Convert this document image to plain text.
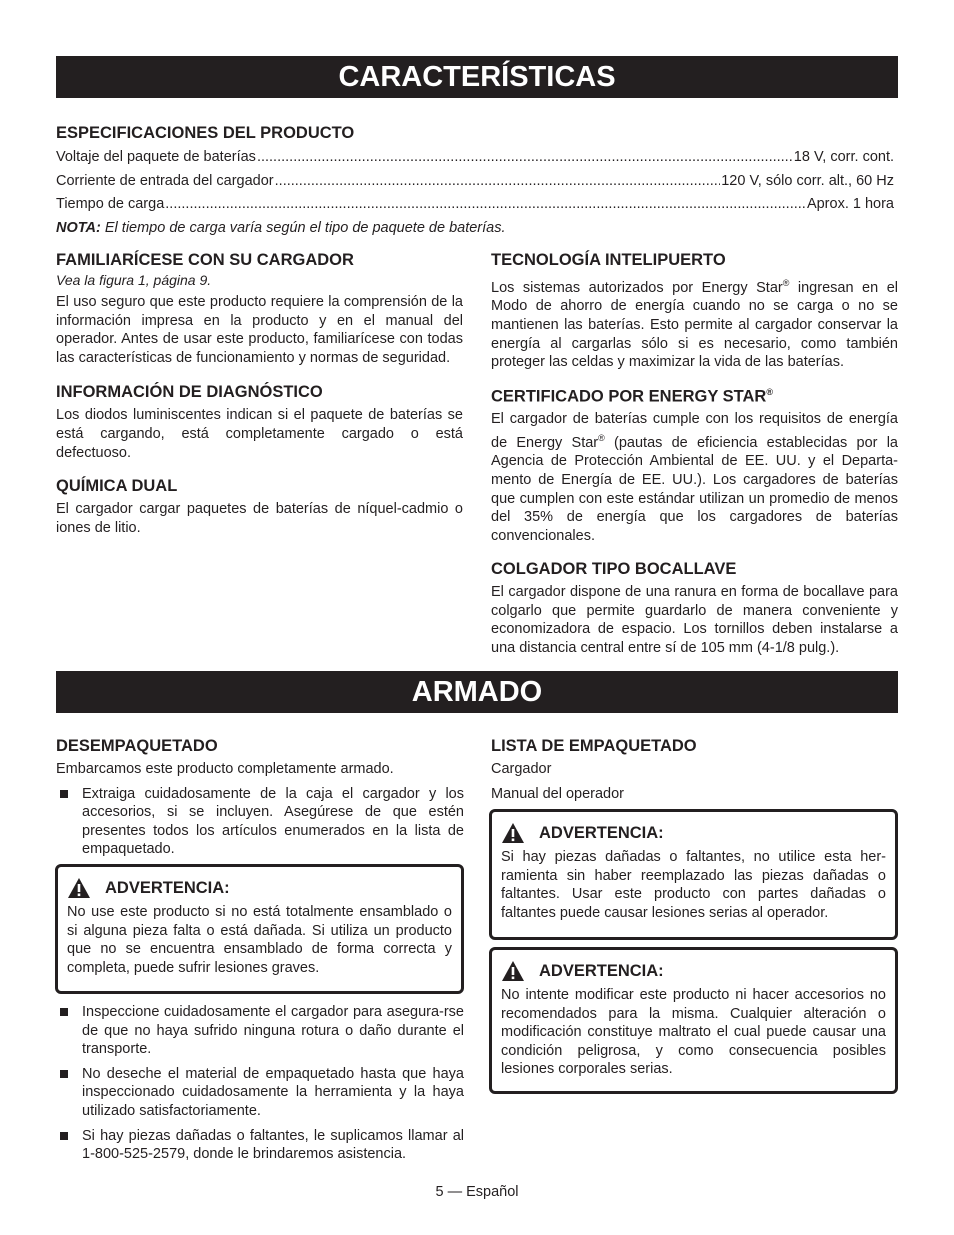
CARACTERÍSTICAS
ESPECIFICACIONES DEL PRODUCTO
Voltaje del paquete de baterías .....	18 V, corr. cont.
Corriente de entrada del cargador .....	120 V, sólo corr. alt., 60 Hz
Tiempo de carga .....	Aprox. 1 hora
NOTA: El tiempo de carga varía según el tipo de paquete de baterías.
FAMILIARÍCESE CON SU CARGADOR
Vea la figura 1, página 9.

El uso seguro que este producto requiere la comprensión de la información impresa en la producto y en el manual del operador. Antes de usar este producto, familiarícese con todas las características de funcionamiento y normas de seguridad.

INFORMACIÓN DE DIAGNÓSTICO

Los diodos luminiscentes indican si el paquete de baterías se está cargando, está completamente cargado o está defectuoso.

QUÍMICA DUAL

El cargador cargar paquetes de baterías de níquel-cadmio o iones de litio.

TECNOLOGÍA INTELIPUERTO

Los sistemas autorizados por Energy Star® ingresan en el Modo de ahorro de energía cuando no se carga o no se mantienen las baterías. Esto permite al cargador conservar la energía al cargarlas sólo si es necesario, como también proteger las celdas y maximizar la vida de las baterías.

CERTIFICADO POR ENERGY STAR®

El cargador de baterías cumple con los requisitos de energía de Energy Star® (pautas de eficiencia establecidas por la Agencia de Protección Ambiental de EE. UU. y el Departa-mento de Energía de EE. UU.). Los cargadores de baterías que cumplen con este estándar utilizan un promedio de menos del 35% de energía que los cargadores de baterías convencionales.

COLGADOR TIPO BOCALLAVE

El cargador dispone de una ranura en forma de bocallave para colgarlo que permite guardarlo de manera conveniente y economizadora de espacio. Los tornillos deben instalarse a una distancia central entre sí de 105 mm (4-1/8 pulg.).

ARMADO
DESEMPAQUETADO

Embarcamos este producto completamente armado.

Extraiga cuidadosamente de la caja el cargador y los accesorios, si se incluyen. Asegúrese de que estén presentes todos los artículos enumerados en la lista de empaquetado.
ADVERTENCIA:

No use este producto si no está totalmente ensamblado o si alguna pieza falta o está dañada. Si utiliza un producto que no se encuentra ensamblado de forma correcta y completa, puede sufrir lesiones graves.

Inspeccione cuidadosamente el cargador para asegura-rse de que no haya sufrido ninguna rotura o daño durante el transporte.
No deseche el material de empaquetado hasta que haya inspeccionado cuidadosamente la herramienta y la haya utilizado satisfactoriamente.
Si hay piezas dañadas o faltantes, le suplicamos llamar al 1-800-525-2579, donde le brindaremos asistencia.
LISTA DE EMPAQUETADO

Cargador

Manual del operador

ADVERTENCIA:

Si hay piezas dañadas o faltantes, no utilice esta her-ramienta sin haber reemplazado las piezas dañadas o faltantes. Usar este producto con partes dañadas o faltantes puede causar lesiones serias al operador.

ADVERTENCIA:

No intente modificar este producto ni hacer accesorios no recomendados para la misma. Cualquier alteración o modificación constituye maltrato el cual puede causar una condición peligrosa, y como consecuencia posibles lesiones corporales serias.

5 — Español
